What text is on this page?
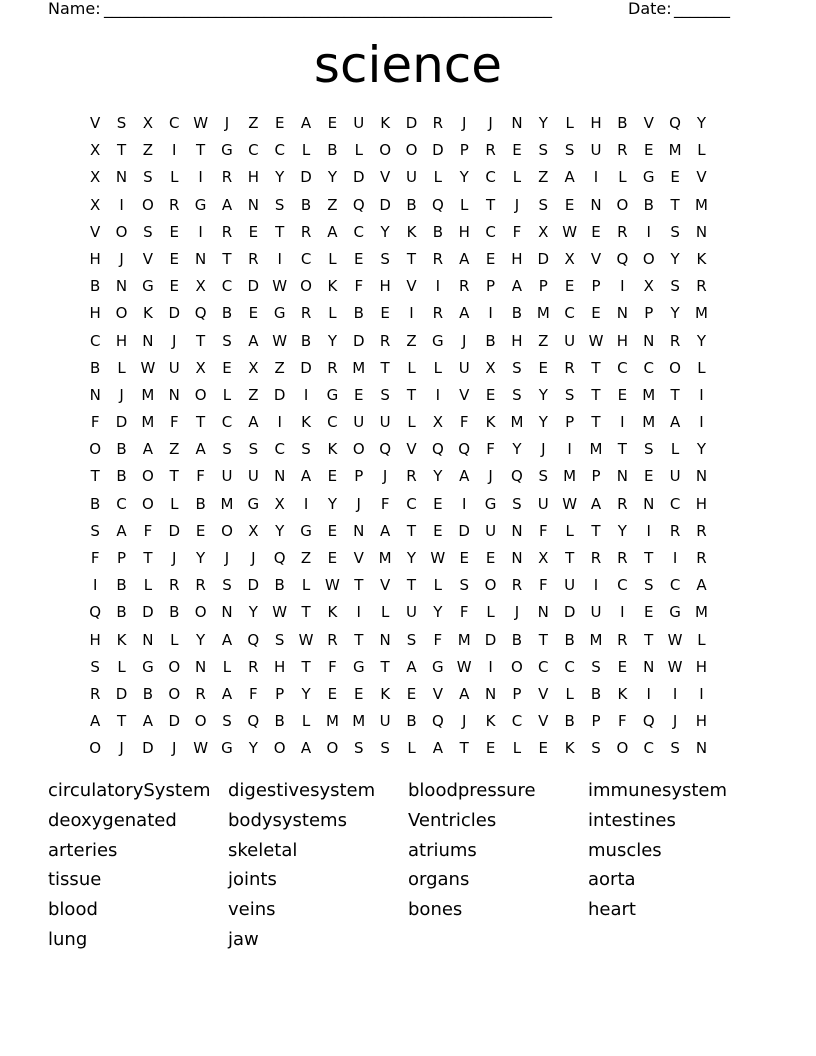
Name: ________________________________________________________	Date: _______
science
V	S	X	C W	J	Z	E	A	E	U	K	D	R	J	J	N	Y	L	H	B	V	Q	Y
X	T	Z	I	T	G	C	C	L	B	L	O O D	P	R	E	S	S	U	R	E	M	L
X	N	S	L	I	R	H	Y	D	Y	D	V	U	L	Y	C	L	Z	A	I	L	G	E	V
X	I	O	R	G	A	N	S	B	Z	Q D	B	Q	L	T	J	S	E	N O	B	T	M
V	O	S	E	I	R	E	T	R	A	C	Y	K	B	H	C	F	X W E	R	I	S	N
H	J	V	E	N	T	R	I	C	L	E	S	T	R	A	E	H D	X	V	Q O	Y	K
B	N G	E	X	C	D W O	K	F	H	V	I	R	P	A	P	E	P	I	X	S	R
H O	K	D Q	B	E	G	R	L	B	E	I	R	A	I	B M C	E	N	P	Y	M
C	H	N	J	T	S	A W B	Y	D	R	Z	G	J	B	H	Z	U W H	N	R	Y
B	L W U	X	E	X	Z	D	R M	T	L	L	U	X	S	E	R	T	C	C	O	L
N	J	M N O	L	Z	D	I	G	E	S	T	I	V	E	S	Y	S	T	E	M	T	I
F	D M	F	T	C	A	I	K	C	U	U	L	X	F	K M	Y	P	T	I	M A	I
O	B	A	Z	A	S	S	C	S	K	O Q	V	Q Q	F	Y	J	I	M	T	S	L	Y
T	B	O	T	F	U	U	N	A	E	P	J	R	Y	A	J	Q	S	M	P	N	E	U	N
B	C	O	L	B M G	X	I	Y	J	F	C	E	I	G	S	U W A	R	N	C	H
S	A	F	D	E	O	X	Y	G	E	N	A	T	E	D	U	N	F	L	T	Y	I	R	R
F	P	T	J	Y	J	J	Q	Z	E	V M	Y W E	E	N	X	T	R	R	T	I	R
I	B	L	R	R	S	D	B	L W T	V	T	L	S	O	R	F	U	I	C	S	C	A
Q	B	D	B	O N	Y W T	K	I	L	U	Y	F	L	J	N D	U	I	E	G M
H	K	N	L	Y	A	Q	S W R	T	N	S	F	M D	B	T	B M R	T W L
S	L	G O N	L	R	H	T	F	G	T	A	G W	I	O	C	C	S	E	N W H
R	D	B	O	R	A	F	P	Y	E	E	K	E	V	A	N	P	V	L	B	K	I	I	I
A	T	A	D O	S	Q	B	L	M M U	B	Q	J	K	C	V	B	P	F	Q	J	H
O	J	D	J	W G	Y	O	A	O	S	S	L	A	T	E	L	E	K	S	O	C	S	N
circulatorySystem digestivesystem	bloodpressure	immunesystem
deoxygenated	bodysystems	Ventricles	intestines
arteries	skeletal	atriums	muscles
tissue	joints	organs	aorta
blood	veins	bones	heart
lung	jaw
